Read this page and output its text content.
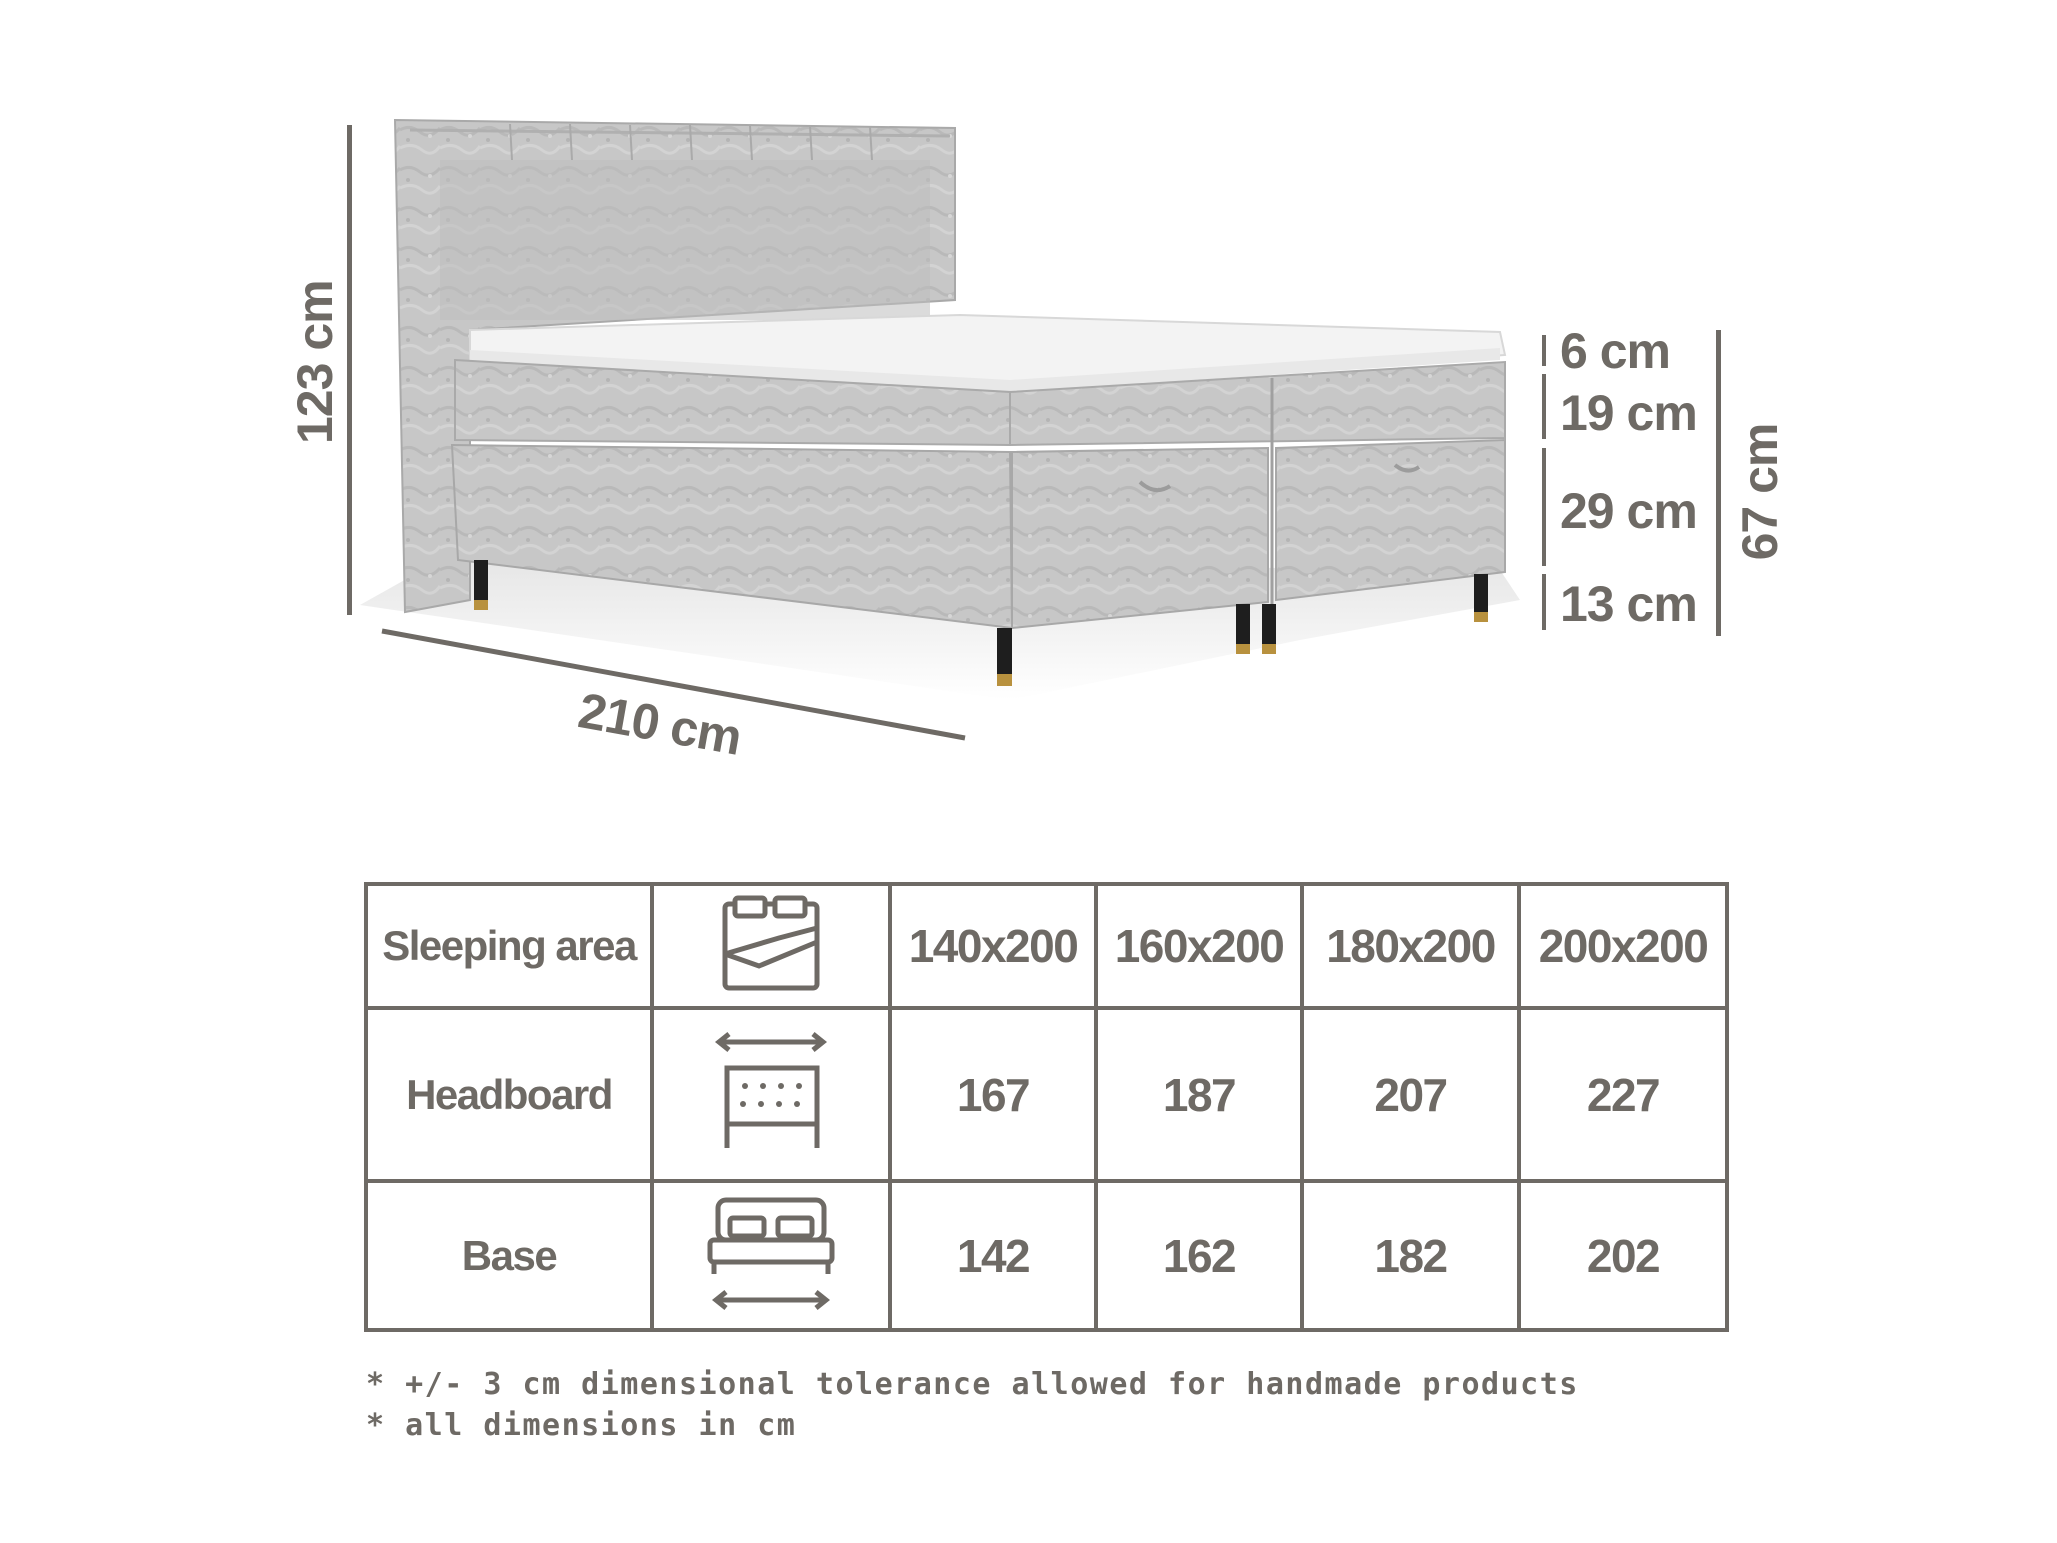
123 cm
210 cm
6 cm
19 cm
29 cm
13 cm
67 cm
Sleeping area		140x200	160x200	180x200	200x200
Headboard		167	187	207	227
Base		142	162	182	202
* +/- 3 cm dimensional tolerance allowed for handmade products
* all dimensions in cm
